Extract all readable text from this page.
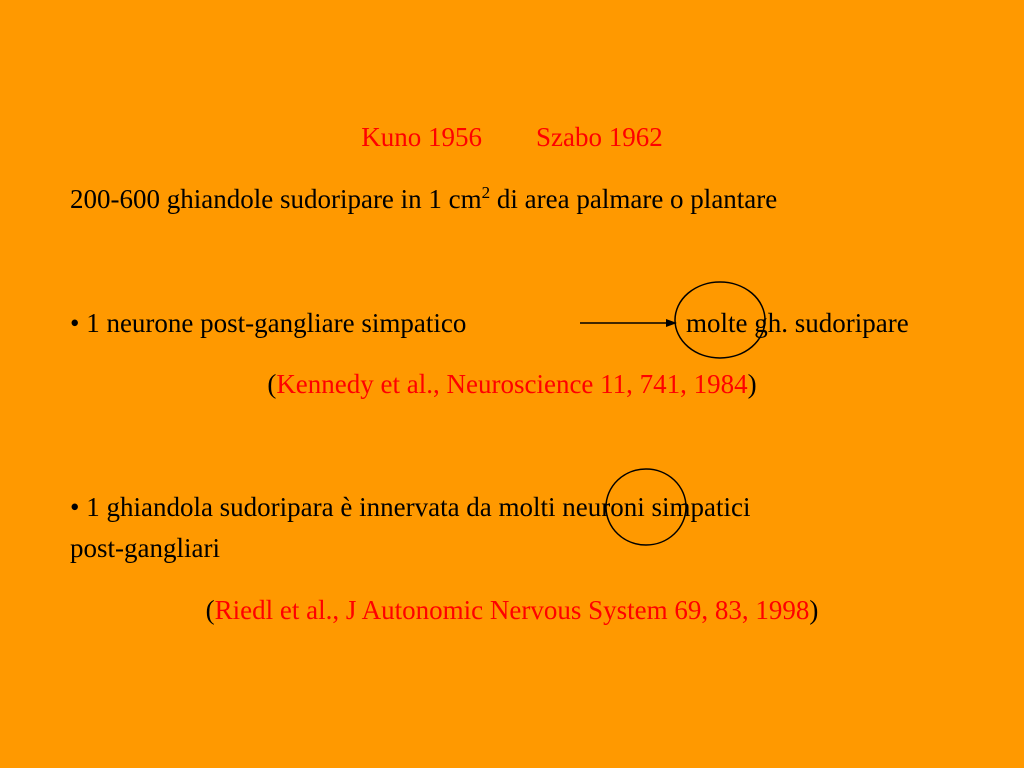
Kuno 1956 Szabo 1962
200-600 ghiandole sudoripare in 1 $cm^2$ di area palmare o plantare
• 1 neurone post-gangliare simpatico	molte gh. sudoripare
(Kennedy et al., Neuroscience 11, 741, 1984)
• 1 ghiandola sudoripara è innervata da molti neuroni simpatici
post-gangliari
(Riedl et al., J Autonomic Nervous System 69, 83, 1998)
